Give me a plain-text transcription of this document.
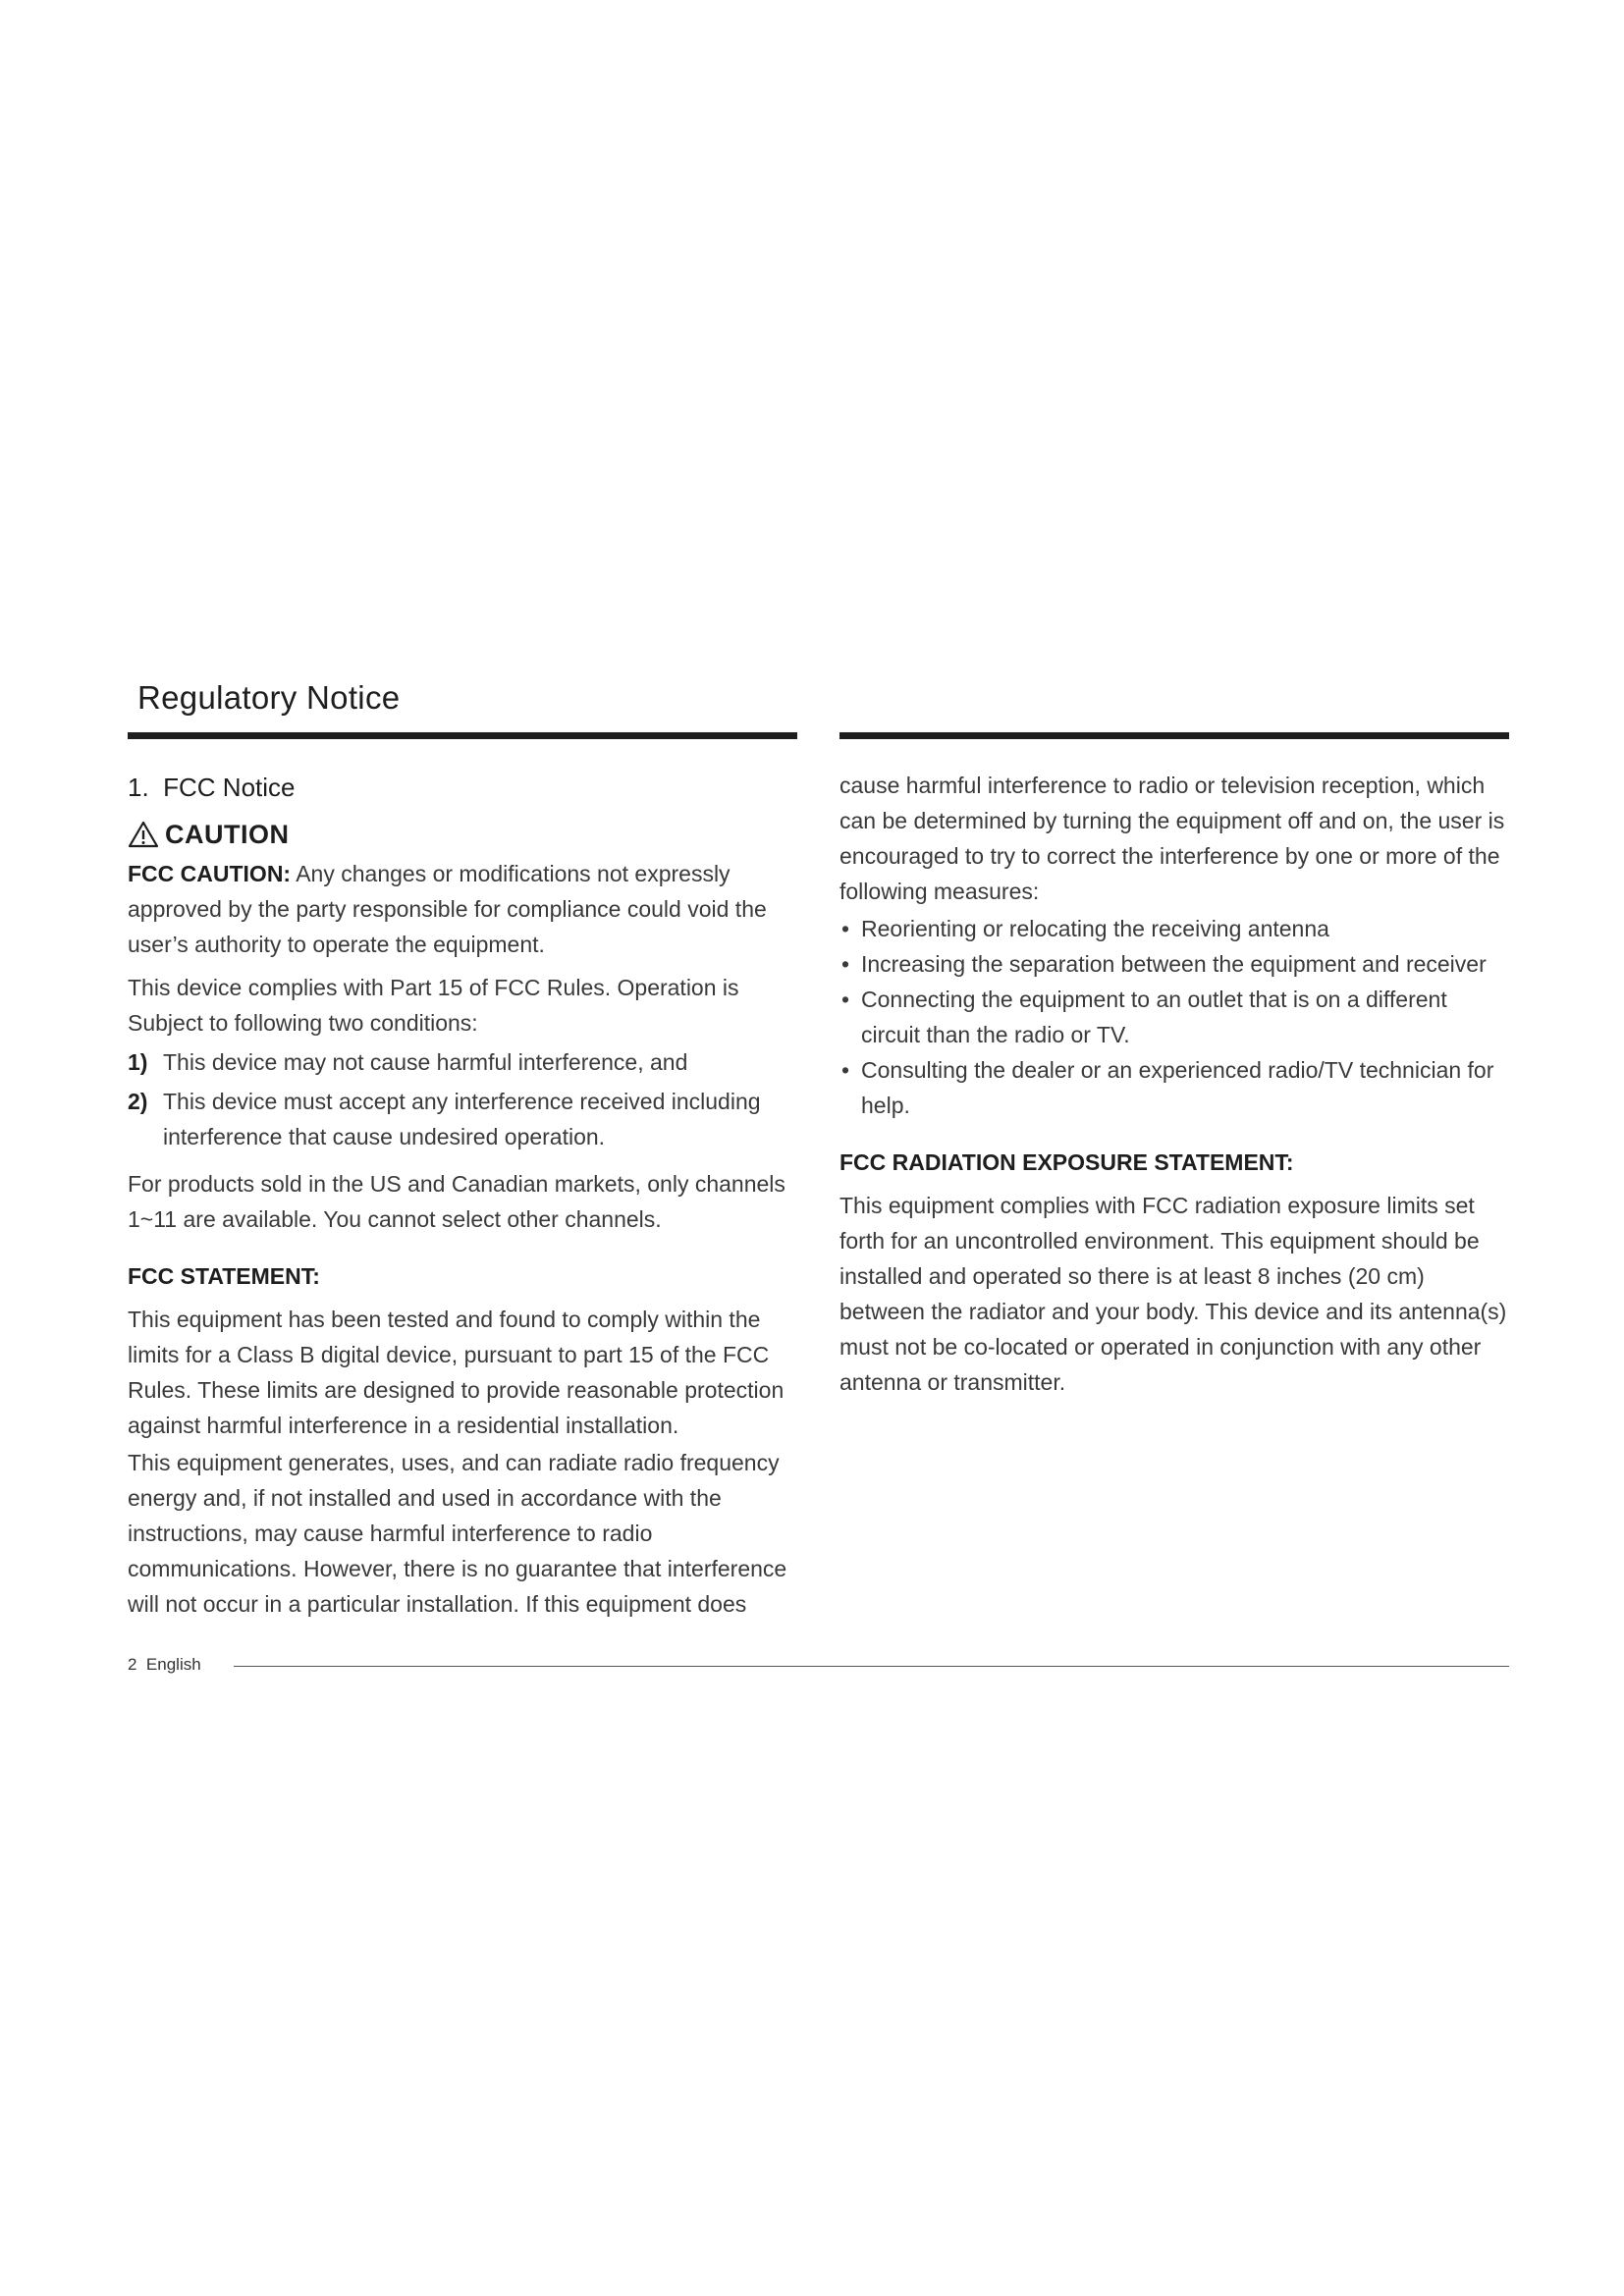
Regulatory Notice
1. FCC Notice
CAUTION

FCC CAUTION: Any changes or modifications not expressly approved by the party responsible for compliance could void the user’s authority to operate the equipment.

This device complies with Part 15 of FCC Rules. Operation is Subject to following two conditions:

1) This device may not cause harmful interference, and
2) This device must accept any interference received including interference that cause undesired operation.

For products sold in the US and Canadian markets, only channels 1~11 are available. You cannot select other channels.

FCC STATEMENT:

This equipment has been tested and found to comply within the limits for a Class B digital device, pursuant to part 15 of the FCC Rules. These limits are designed to provide reasonable protection against harmful interference in a residential installation.

This equipment generates, uses, and can radiate radio frequency energy and, if not installed and used in accordance with the instructions, may cause harmful interference to radio communications. However, there is no guarantee that interference will not occur in a particular installation. If this equipment does

cause harmful interference to radio or television reception, which can be determined by turning the equipment off and on, the user is encouraged to try to correct the interference by one or more of the following measures:

• Reorienting or relocating the receiving antenna
• Increasing the separation between the equipment and receiver
• Connecting the equipment to an outlet that is on a different circuit than the radio or TV.
• Consulting the dealer or an experienced radio/TV technician for help.
FCC RADIATION EXPOSURE STATEMENT:

This equipment complies with FCC radiation exposure limits set forth for an uncontrolled environment. This equipment should be installed and operated so there is at least 8 inches (20 cm) between the radiator and your body. This device and its antenna(s) must not be co-located or operated in conjunction with any other antenna or transmitter.

2 English
